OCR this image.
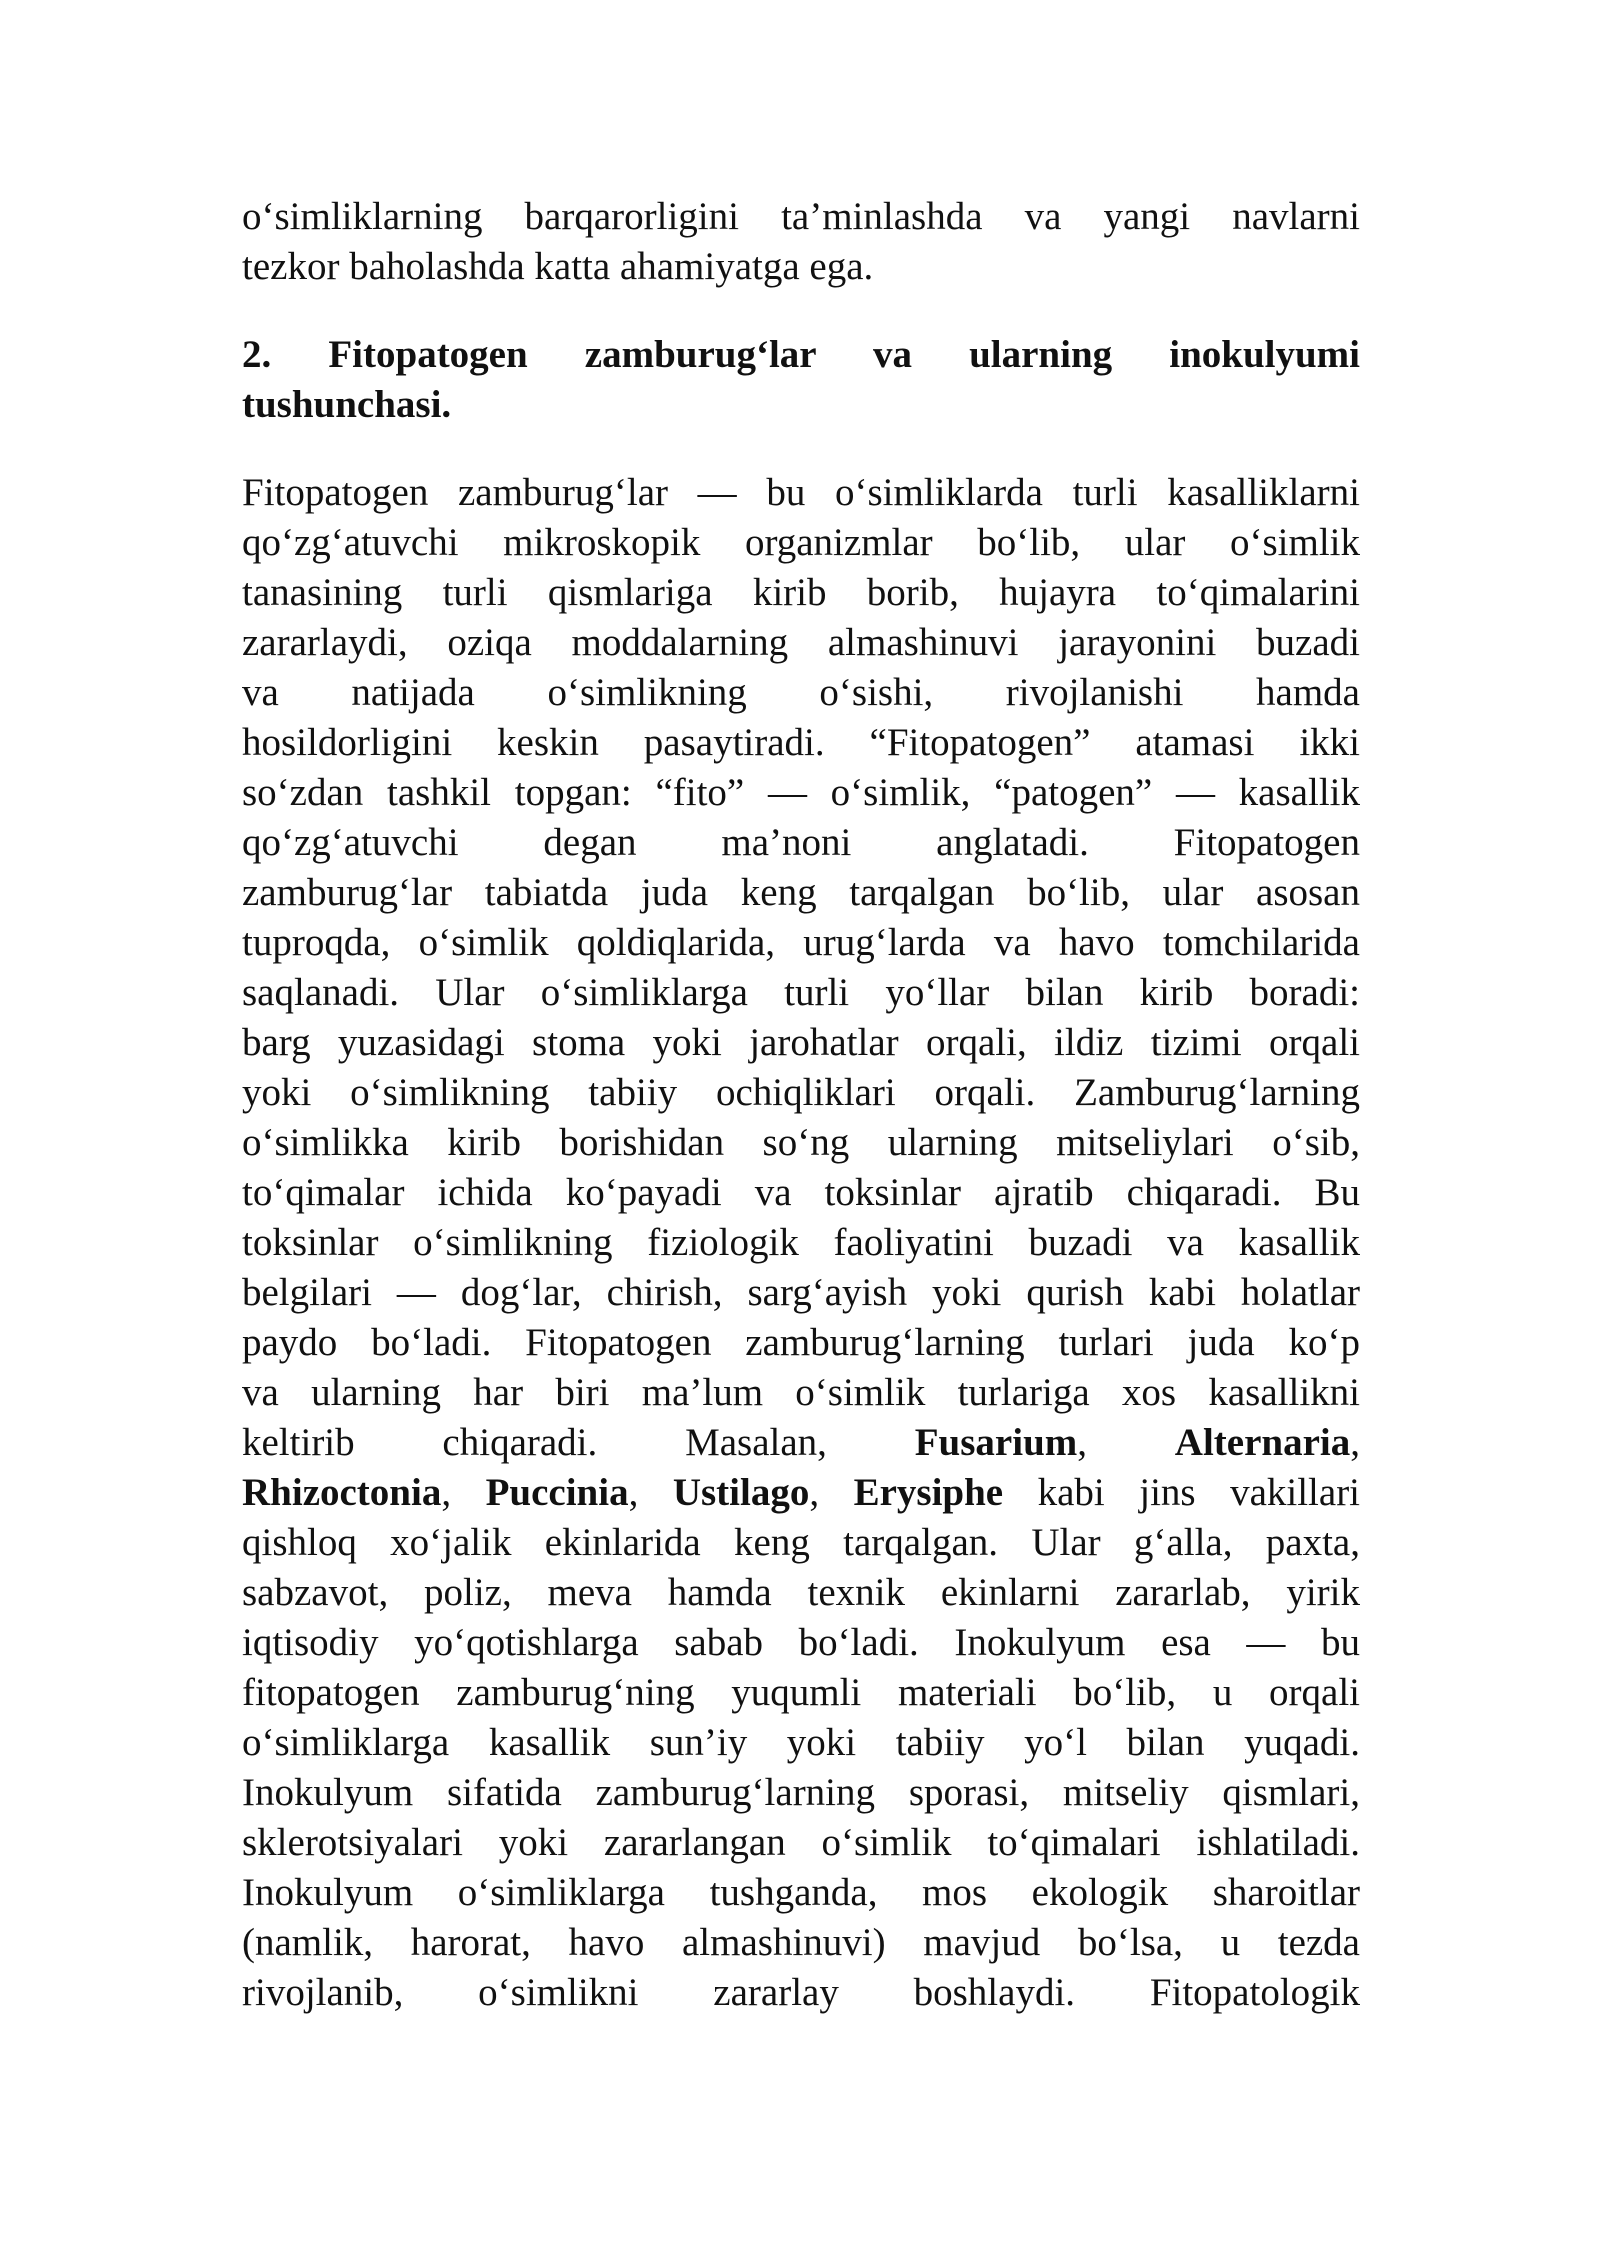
o‘simliklarning barqarorligini ta’minlashda va yangi navlarni
tezkor baholashda katta ahamiyatga ega.

2. Fitopatogen zamburug‘lar va ularning inokulyumi
tushunchasi.
Fitopatogen zamburug‘lar — bu o‘simliklarda turli kasalliklarni
qo‘zg‘atuvchi mikroskopik organizmlar bo‘lib, ular o‘simlik
tanasining turli qismlariga kirib borib, hujayra to‘qimalarini
zararlaydi, oziqa moddalarning almashinuvi jarayonini buzadi
va natijada o‘simlikning o‘sishi, rivojlanishi hamda
hosildorligini keskin pasaytiradi. “Fitopatogen” atamasi ikki
so‘zdan tashkil topgan: “fito” — o‘simlik, “patogen” — kasallik
qo‘zg‘atuvchi degan ma’noni anglatadi. Fitopatogen
zamburug‘lar tabiatda juda keng tarqalgan bo‘lib, ular asosan
tuproqda, o‘simlik qoldiqlarida, urug‘larda va havo tomchilarida
saqlanadi. Ular o‘simliklarga turli yo‘llar bilan kirib boradi:
barg yuzasidagi stoma yoki jarohatlar orqali, ildiz tizimi orqali
yoki o‘simlikning tabiiy ochiqliklari orqali. Zamburug‘larning
o‘simlikka kirib borishidan so‘ng ularning mitseliylari o‘sib,
to‘qimalar ichida ko‘payadi va toksinlar ajratib chiqaradi. Bu
toksinlar o‘simlikning fiziologik faoliyatini buzadi va kasallik
belgilari — dog‘lar, chirish, sarg‘ayish yoki qurish kabi holatlar
paydo bo‘ladi. Fitopatogen zamburug‘larning turlari juda ko‘p
va ularning har biri ma’lum o‘simlik turlariga xos kasallikni
keltirib chiqaradi. Masalan, Fusarium, Alternaria,
Rhizoctonia, Puccinia, Ustilago, Erysiphe kabi jins vakillari
qishloq xo‘jalik ekinlarida keng tarqalgan. Ular g‘alla, paxta,
sabzavot, poliz, meva hamda texnik ekinlarni zararlab, yirik
iqtisodiy yo‘qotishlarga sabab bo‘ladi. Inokulyum esa — bu
fitopatogen zamburug‘ning yuqumli materiali bo‘lib, u orqali
o‘simliklarga kasallik sun’iy yoki tabiiy yo‘l bilan yuqadi.
Inokulyum sifatida zamburug‘larning sporasi, mitseliy qismlari,
sklerotsiyalari yoki zararlangan o‘simlik to‘qimalari ishlatiladi.
Inokulyum o‘simliklarga tushganda, mos ekologik sharoitlar
(namlik, harorat, havo almashinuvi) mavjud bo‘lsa, u tezda
rivojlanib, o‘simlikni zararlay boshlaydi. Fitopatologik
